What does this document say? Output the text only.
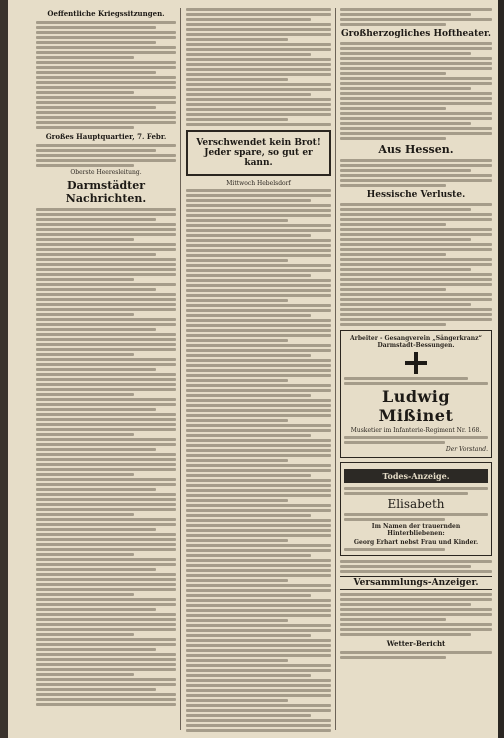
Oeffentliche Kriegssitzungen.
Großes Hauptquartier, 7. Febr.
Oberste Heeresleitung.
Darmstädter Nachrichten.
Verschwendet kein Brot! Jeder spare, so gut er kann.
Mittwoch Hebelsdorf
Großherzogliches Hoftheater.
Aus Hessen.
Hessische Verluste.
Arbeiter - Gesangverein „Sängerkranz“ Darmstadt-Bessungen.
Ludwig Mißinet
Musketier im Infanterie-Regiment Nr. 168.
Der Vorstand.
Todes-Anzeige.
Elisabeth
Im Namen der trauernden Hinterbliebenen:
Georg Erhart nebst Frau und Kinder.
Versammlungs-Anzeiger.
Wetter-Bericht
